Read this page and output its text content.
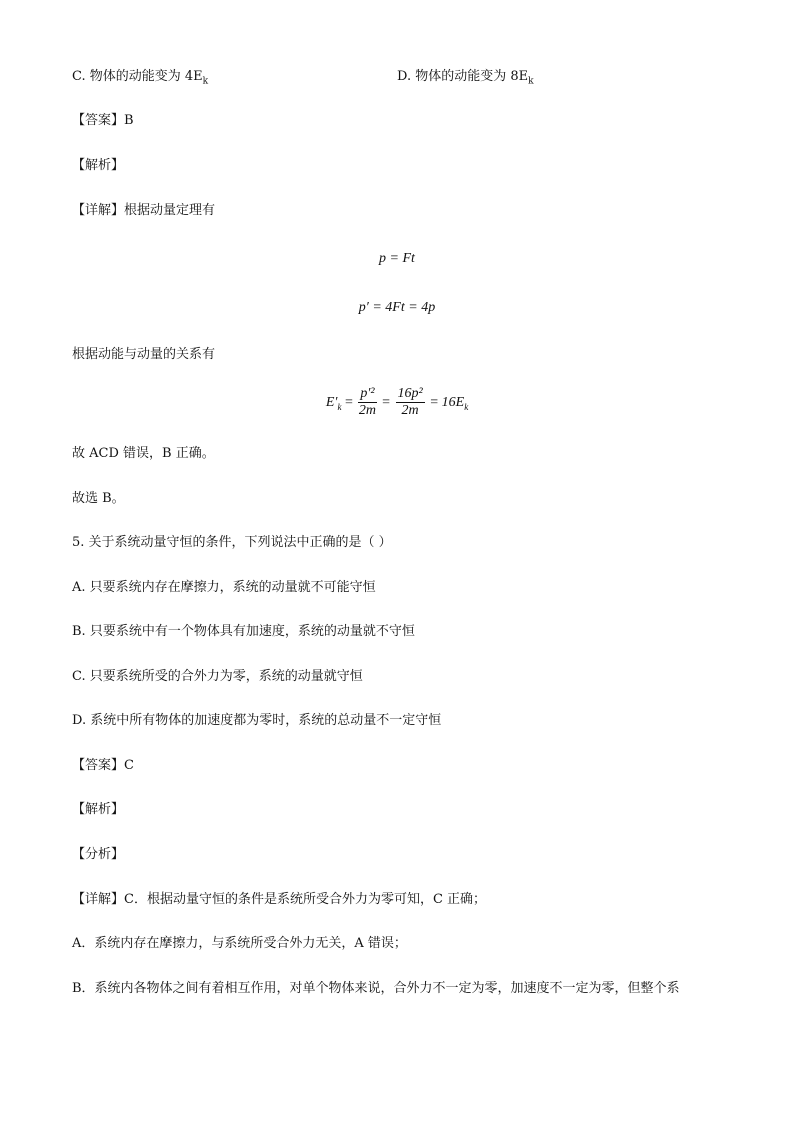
C. 物体的动能变为 $4E_k$	D. 物体的动能变为 $8E_k$
【答案】B
【解析】
【详解】根据动量定理有
p = Ft
p′ = 4Ft = 4p
根据动能与动量的关系有
$E'_k = \frac{\text{p′²}}{2m} = \frac{\text{16p²}}{2m} = 16E_k$
故 ACD 错误，B 正确。
故选 B。
5. 关于系统动量守恒的条件，下列说法中正确的是（ ）
A. 只要系统内存在摩擦力，系统的动量就不可能守恒
B. 只要系统中有一个物体具有加速度，系统的动量就不守恒
C. 只要系统所受的合外力为零，系统的动量就守恒
D. 系统中所有物体的加速度都为零时，系统的总动量不一定守恒
【答案】C
【解析】
【分析】
【详解】C．根据动量守恒的条件是系统所受合外力为零可知，C 正确；
A．系统内存在摩擦力，与系统所受合外力无关，A 错误；
B．系统内各物体之间有着相互作用，对单个物体来说，合外力不一定为零，加速度不一定为零，但整个系
